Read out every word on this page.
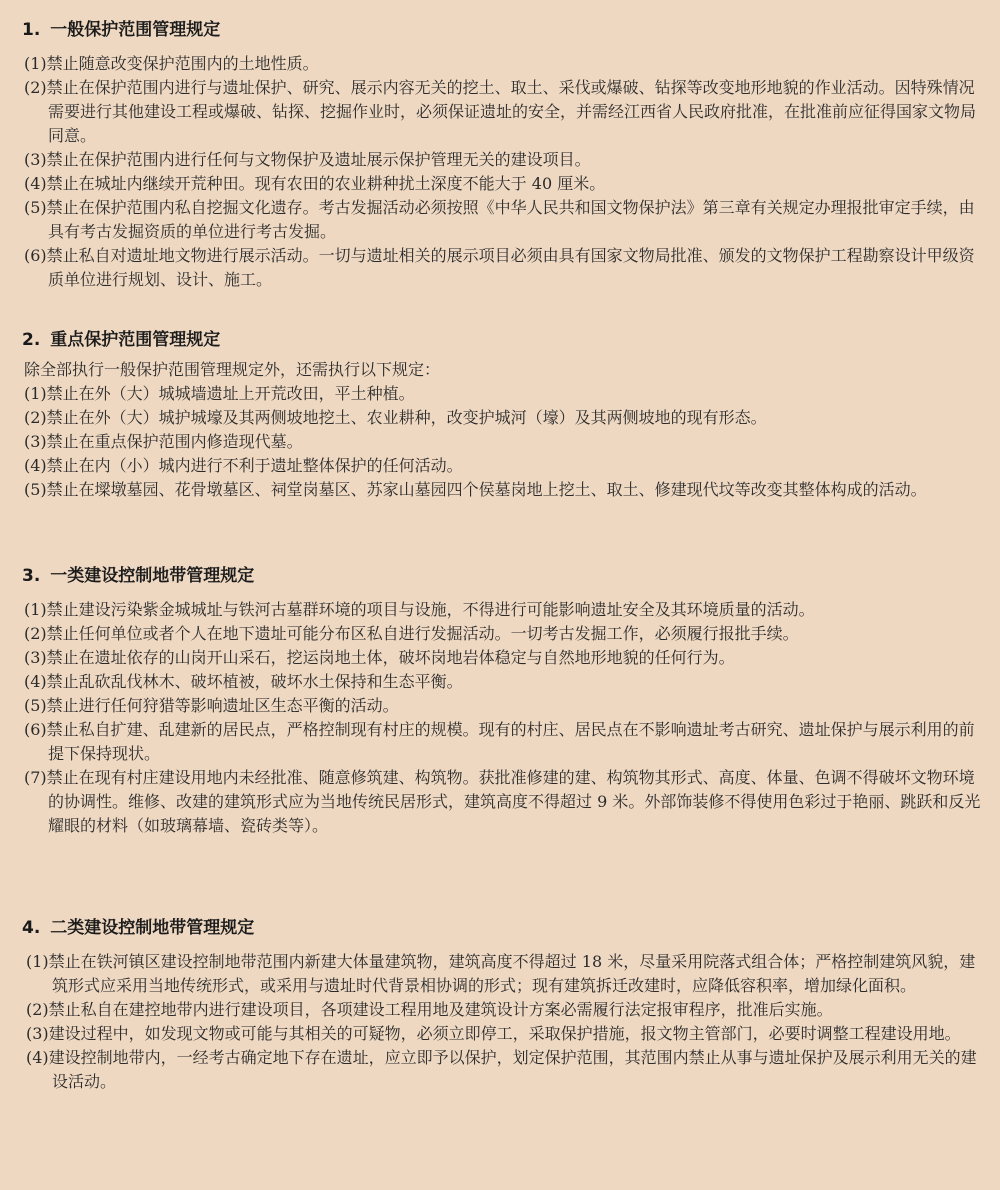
1. 一般保护范围管理规定

(1)禁止随意改变保护范围内的土地性质。

(2)禁止在保护范围内进行与遗址保护、研究、展示内容无关的挖土、取土、采伐或爆破、钻探等改变地形地貌的作业活动。因特殊情况需要进行其他建设工程或爆破、钻探、挖掘作业时，必须保证遗址的安全，并需经江西省人民政府批准，在批准前应征得国家文物局同意。

(3)禁止在保护范围内进行任何与文物保护及遗址展示保护管理无关的建设项目。

(4)禁止在城址内继续开荒种田。现有农田的农业耕种扰土深度不能大于 40 厘米。

(5)禁止在保护范围内私自挖掘文化遗存。考古发掘活动必须按照《中华人民共和国文物保护法》第三章有关规定办理报批审定手续，由具有考古发掘资质的单位进行考古发掘。

(6)禁止私自对遗址地文物进行展示活动。一切与遗址相关的展示项目必须由具有国家文物局批准、颁发的文物保护工程勘察设计甲级资质单位进行规划、设计、施工。

2. 重点保护范围管理规定

除全部执行一般保护范围管理规定外，还需执行以下规定：

(1)禁止在外（大）城城墙遗址上开荒改田，平土种植。

(2)禁止在外（大）城护城壕及其两侧坡地挖土、农业耕种，改变护城河（壕）及其两侧坡地的现有形态。

(3)禁止在重点保护范围内修造现代墓。

(4)禁止在内（小）城内进行不利于遗址整体保护的任何活动。

(5)禁止在墚墩墓园、花骨墩墓区、祠堂岗墓区、苏家山墓园四个侯墓岗地上挖土、取土、修建现代坟等改变其整体构成的活动。

3. 一类建设控制地带管理规定

(1)禁止建设污染紫金城城址与铁河古墓群环境的项目与设施，不得进行可能影响遗址安全及其环境质量的活动。

(2)禁止任何单位或者个人在地下遗址可能分布区私自进行发掘活动。一切考古发掘工作，必须履行报批手续。

(3)禁止在遗址依存的山岗开山采石，挖运岗地土体，破坏岗地岩体稳定与自然地形地貌的任何行为。

(4)禁止乱砍乱伐林木、破坏植被，破坏水土保持和生态平衡。

(5)禁止进行任何狩猎等影响遗址区生态平衡的活动。

(6)禁止私自扩建、乱建新的居民点，严格控制现有村庄的规模。现有的村庄、居民点在不影响遗址考古研究、遗址保护与展示利用的前提下保持现状。

(7)禁止在现有村庄建设用地内未经批准、随意修筑建、构筑物。获批准修建的建、构筑物其形式、高度、体量、色调不得破坏文物环境的协调性。维修、改建的建筑形式应为当地传统民居形式，建筑高度不得超过 9 米。外部饰装修不得使用色彩过于艳丽、跳跃和反光耀眼的材料（如玻璃幕墙、瓷砖类等）。

4. 二类建设控制地带管理规定

(1)禁止在铁河镇区建设控制地带范围内新建大体量建筑物，建筑高度不得超过 18 米，尽量采用院落式组合体；严格控制建筑风貌，建筑形式应采用当地传统形式，或采用与遗址时代背景相协调的形式；现有建筑拆迁改建时，应降低容积率，增加绿化面积。

(2)禁止私自在建控地带内进行建设项目，各项建设工程用地及建筑设计方案必需履行法定报审程序，批准后实施。

(3)建设过程中，如发现文物或可能与其相关的可疑物，必须立即停工，采取保护措施，报文物主管部门，必要时调整工程建设用地。

(4)建设控制地带内，一经考古确定地下存在遗址，应立即予以保护，划定保护范围，其范围内禁止从事与遗址保护及展示利用无关的建设活动。
